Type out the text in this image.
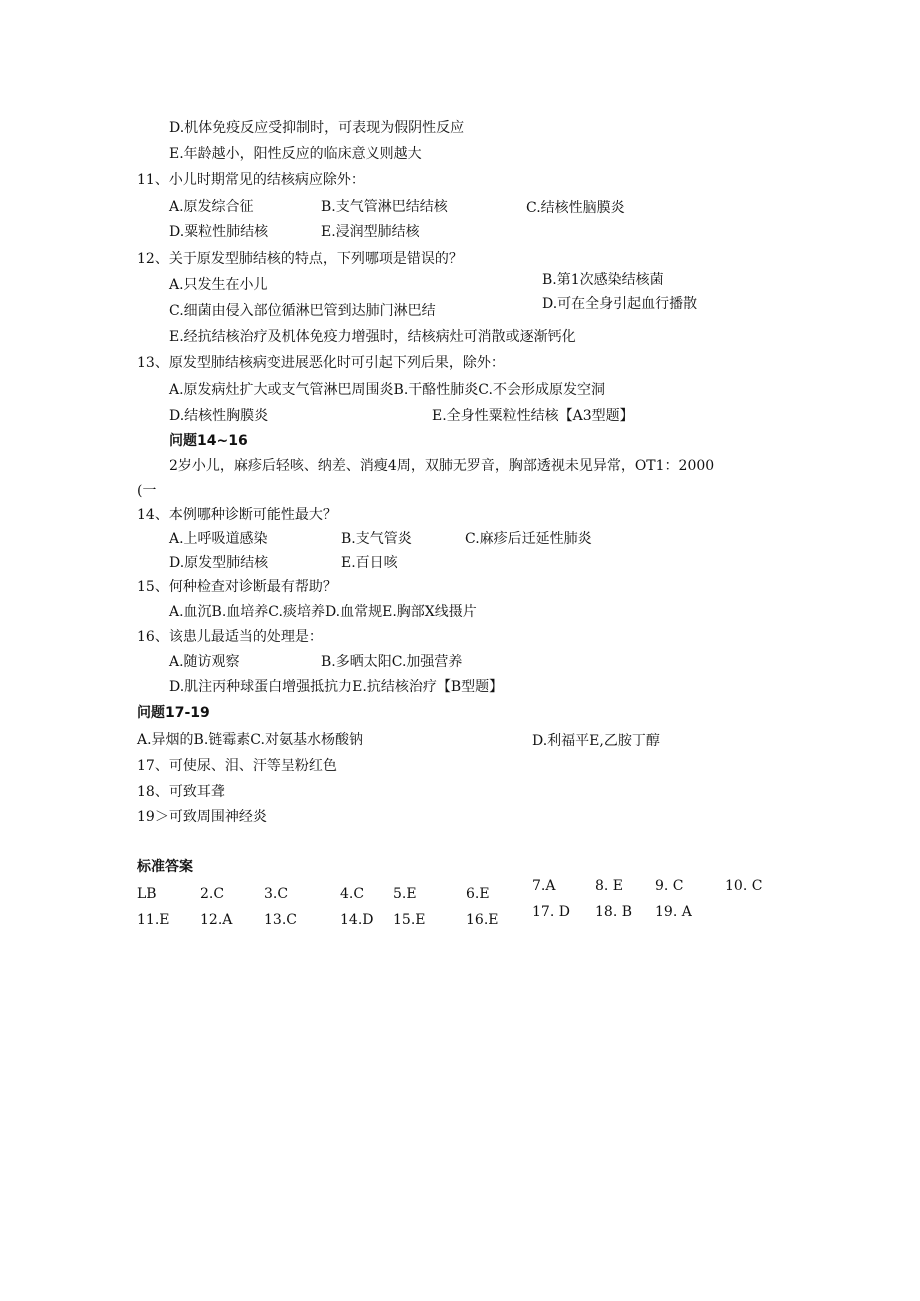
D.机体免疫反应受抑制时，可表现为假阴性反应
E.年龄越小，阳性反应的临床意义则越大
11、小儿时期常见的结核病应除外：
A.原发综合征	B.支气管淋巴结结核	C.结核性脑膜炎
D.粟粒性肺结核	E.浸润型肺结核
12、关于原发型肺结核的特点，下列哪项是错误的？
A.只发生在小儿	B.第1次感染结核菌
C.细菌由侵入部位循淋巴管到达肺门淋巴结	D.可在全身引起血行播散
E.经抗结核治疗及机体免疫力增强时，结核病灶可消散或逐渐钙化
13、原发型肺结核病变进展恶化时可引起下列后果，除外：
A.原发病灶扩大或支气管淋巴周围炎B.干酪性肺炎C.不会形成原发空洞
D.结核性胸膜炎	E.全身性粟粒性结核【A3型题】
问题14~16
2岁小儿，麻疹后轻咳、纳差、消瘦4周，双肺无罗音，胸部透视未见异常，OT1：2000
(一
14、本例哪种诊断可能性最大？
A.上呼吸道感染	B.支气管炎	C.麻疹后迁延性肺炎
D.原发型肺结核	E.百日咳
15、何种检查对诊断最有帮助？
A.血沉B.血培养C.痰培养D.血常规E.胸部X线摄片
16、该患儿最适当的处理是：
A.随访观察	B.多晒太阳C.加强营养
D.肌注丙种球蛋白增强抵抗力E.抗结核治疗【B型题】
问题17-19
A.异烟的B.链霉素C.对氨基水杨酸钠	D.利福平E,乙胺丁醇
17、可使尿、泪、汗等呈粉红色
18、可致耳聋
19＞可致周围神经炎
标准答案
LB	2.C	3.C	4.C 5.E	6.E	7.A	8. E 9. C	10. C
11.E 12.A 13.C	14.D 15.E	16.E 17. D 18. B 19. A
